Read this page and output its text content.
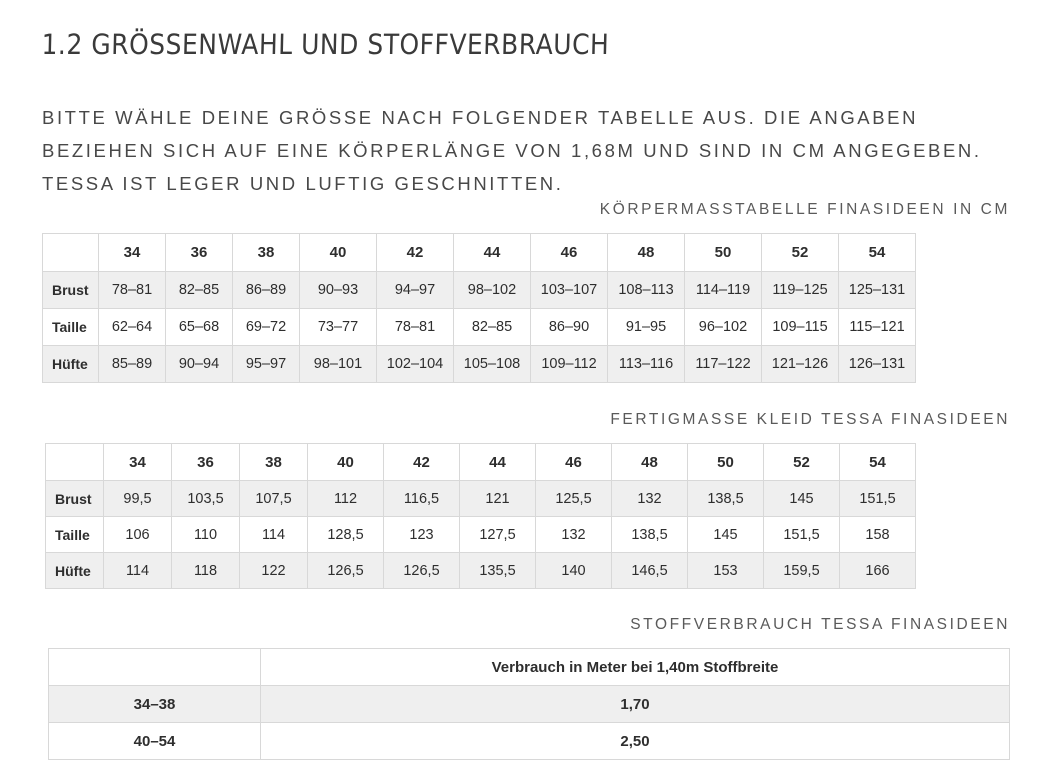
1.2 GRÖSSENWAHL UND STOFFVERBRAUCH

BITTE WÄHLE DEINE GRÖSSE NACH FOLGENDER TABELLE AUS. DIE ANGABEN BEZIEHEN SICH AUF EINE KÖRPERLÄNGE VON 1,68M UND SIND IN CM ANGEGEBEN. TESSA IST LEGER UND LUFTIG GESCHNITTEN.

KÖRPERMASSTABELLE FINASIDEEN IN CM
	34	36	38	40	42	44	46	48	50	52	54
Brust	78–81	82–85	86–89	90–93	94–97	98–102	103–107	108–113	114–119	119–125	125–131
Taille	62–64	65–68	69–72	73–77	78–81	82–85	86–90	91–95	96–102	109–115	115–121
Hüfte	85–89	90–94	95–97	98–101	102–104	105–108	109–112	113–116	117–122	121–126	126–131
FERTIGMASSE KLEID TESSA FINASIDEEN
	34	36	38	40	42	44	46	48	50	52	54
Brust	99,5	103,5	107,5	112	116,5	121	125,5	132	138,5	145	151,5
Taille	106	110	114	128,5	123	127,5	132	138,5	145	151,5	158
Hüfte	114	118	122	126,5	126,5	135,5	140	146,5	153	159,5	166
STOFFVERBRAUCH TESSA FINASIDEEN
	Verbrauch in Meter bei 1,40m Stoffbreite
34–38	1,70
40–54	2,50
